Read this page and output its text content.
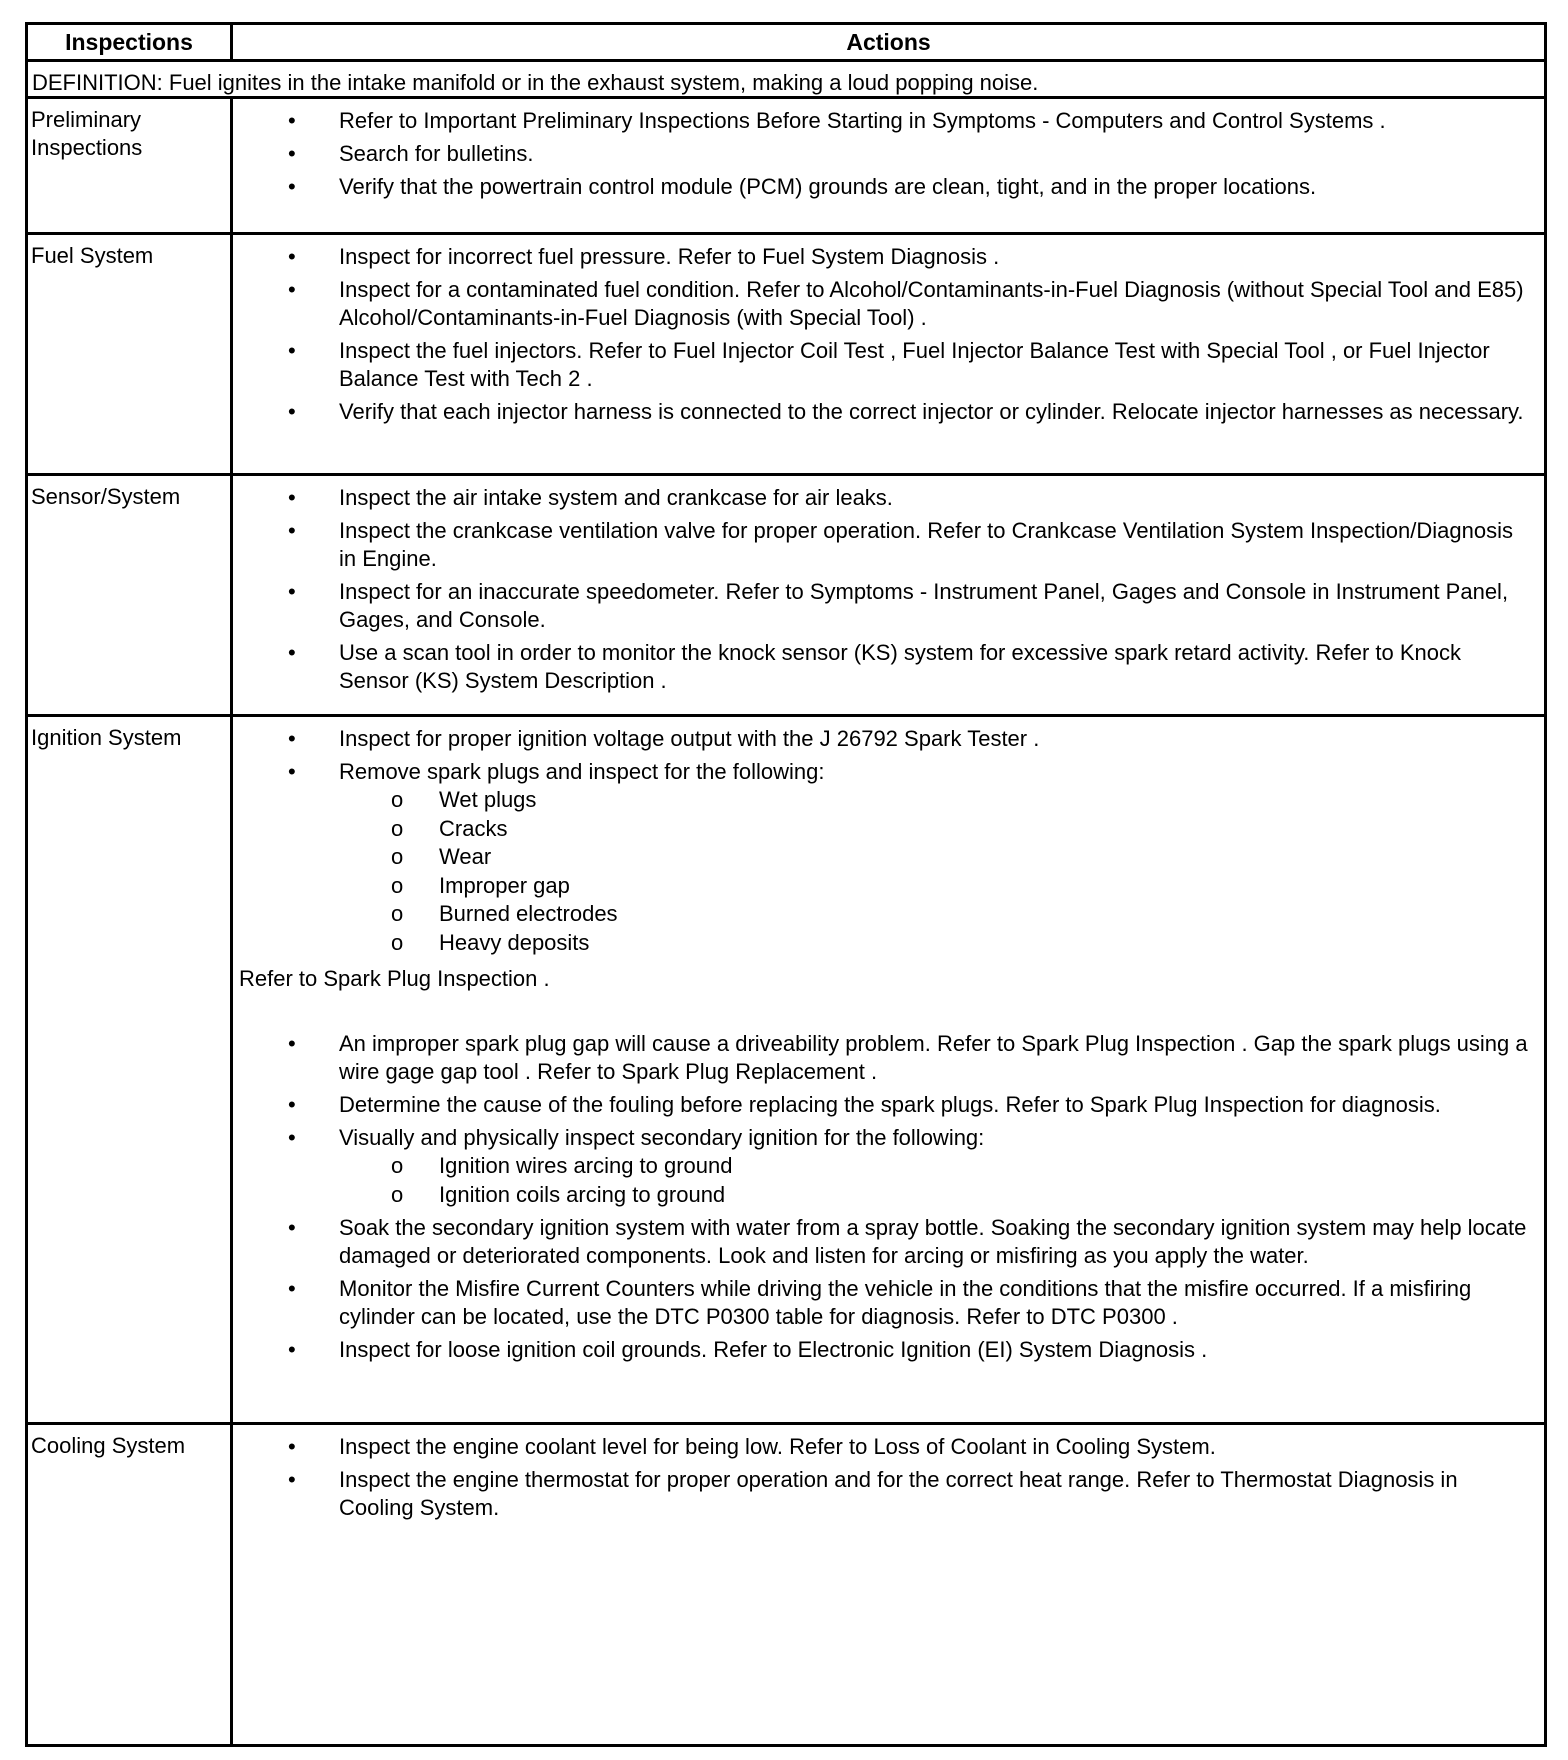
Inspections	Actions
DEFINITION: Fuel ignites in the intake manifold or in the exhaust system, making a loud popping noise.
Preliminary Inspections
• Refer to Important Preliminary Inspections Before Starting in Symptoms - Computers and Control Systems .
• Search for bulletins.
• Verify that the powertrain control module (PCM) grounds are clean, tight, and in the proper locations.
Fuel System	• Inspect for incorrect fuel pressure. Refer to Fuel System Diagnosis .
• Inspect for a contaminated fuel condition. Refer to Alcohol/Contaminants-in-Fuel Diagnosis (without Special Tool and E85) Alcohol/Contaminants-in-Fuel Diagnosis (with Special Tool) .
• Inspect the fuel injectors. Refer to Fuel Injector Coil Test , Fuel Injector Balance Test with Special Tool , or Fuel Injector Balance Test with Tech 2 .
• Verify that each injector harness is connected to the correct injector or cylinder. Relocate injector harnesses as necessary.
Sensor/System	• Inspect the air intake system and crankcase for air leaks.
• Inspect the crankcase ventilation valve for proper operation. Refer to Crankcase Ventilation System Inspection/Diagnosis in Engine.
• Inspect for an inaccurate speedometer. Refer to Symptoms - Instrument Panel, Gages and Console in Instrument Panel, Gages, and Console.
• Use a scan tool in order to monitor the knock sensor (KS) system for excessive spark retard activity. Refer to Knock Sensor (KS) System Description .
Ignition System	• Inspect for proper ignition voltage output with the J 26792 Spark Tester .
• Remove spark plugs and inspect for the following:
o Wet plugs
o Cracks
o Wear
o Improper gap
o Burned electrodes
o Heavy deposits
Refer to Spark Plug Inspection .
• An improper spark plug gap will cause a driveability problem. Refer to Spark Plug Inspection . Gap the spark plugs using a wire gage gap tool . Refer to Spark Plug Replacement .
• Determine the cause of the fouling before replacing the spark plugs. Refer to Spark Plug Inspection for diagnosis.
• Visually and physically inspect secondary ignition for the following:
o Ignition wires arcing to ground
o Ignition coils arcing to ground
• Soak the secondary ignition system with water from a spray bottle. Soaking the secondary ignition system may help locate damaged or deteriorated components. Look and listen for arcing or misfiring as you apply the water.
• Monitor the Misfire Current Counters while driving the vehicle in the conditions that the misfire occurred. If a misfiring cylinder can be located, use the DTC P0300 table for diagnosis. Refer to DTC P0300 .
• Inspect for loose ignition coil grounds. Refer to Electronic Ignition (EI) System Diagnosis .
Cooling System	• Inspect the engine coolant level for being low. Refer to Loss of Coolant in Cooling System.
• Inspect the engine thermostat for proper operation and for the correct heat range. Refer to Thermostat Diagnosis in Cooling System.
